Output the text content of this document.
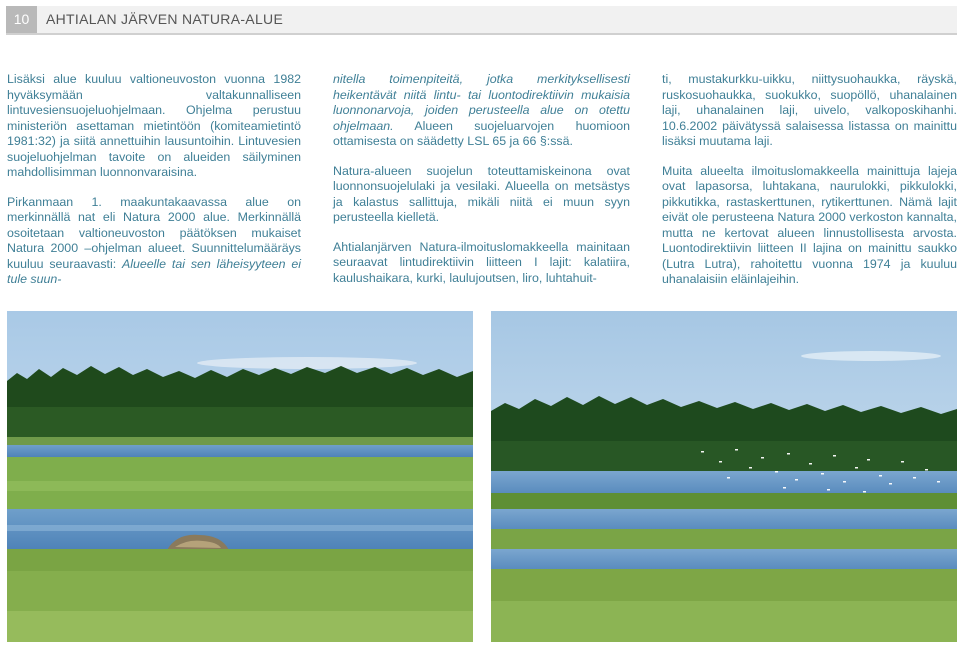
10	AHTIALAN JÄRVEN NATURA-ALUE

Lisäksi alue kuuluu valtioneuvoston vuonna 1982 hyväksymään valtakunnalliseen lintuvesiensuojeluohjelmaan. Ohjelma perustuu ministeriön asettaman mietintöön (komiteamietintö 1981:32) ja siitä annettuihin lausuntoihin. Lintuvesien suojeluohjelman tavoite on alueiden säilyminen mahdollisimman luonnonvaraisina.

Pirkanmaan 1. maakuntakaavassa alue on merkinnällä nat eli Natura 2000 alue. Merkinnällä osoitetaan valtioneuvoston päätöksen mukaiset Natura 2000 –ohjelman alueet. Suunnittelumääräys kuuluu seuraavasti: Alueelle tai sen läheisyyteen ei tule suun-

nitella toimenpiteitä, jotka merkityksellisesti heikentävät niitä lintu- tai luontodirektiivin mukaisia luonnonarvoja, joiden perusteella alue on otettu ohjelmaan. Alueen suojeluarvojen huomioon ottamisesta on säädetty LSL 65 ja 66 §:ssä.

Natura-alueen suojelun toteuttamiskeinona ovat luonnonsuojelulaki ja vesilaki. Alueella on metsästys ja kalastus sallittuja, mikäli niitä ei muun syyn perusteella kielletä.

Ahtialanjärven Natura-ilmoituslomakkeella mainitaan seuraavat lintudirektiivin liitteen I lajit: kalatiira, kaulushaikara, kurki, laulujoutsen, liro, luhtahuit-

ti, mustakurkku-uikku, niittysuohaukka, räyskä, ruskosuohaukka, suokukko, suopöllö, uhanalainen laji, uhanalainen laji, uivelo, valkoposkihanhi. 10.6.2002 päivätyssä salaisessa listassa on mainittu lisäksi muutama laji.

Muita alueelta ilmoituslomakkeella mainittuja lajeja ovat lapasorsa, luhtakana, naurulokki, pikkulokki, pikkutikka, rastaskerttunen, rytikerttunen. Nämä lajit eivät ole perusteena Natura 2000 verkoston kannalta, mutta ne kertovat alueen linnustollisesta arvosta. Luontodirektiivin liitteen II lajina on mainittu saukko (Lutra Lutra), rahoitettu vuonna 1974 ja kuuluu uhanalaisiin eläinlajeihin.
